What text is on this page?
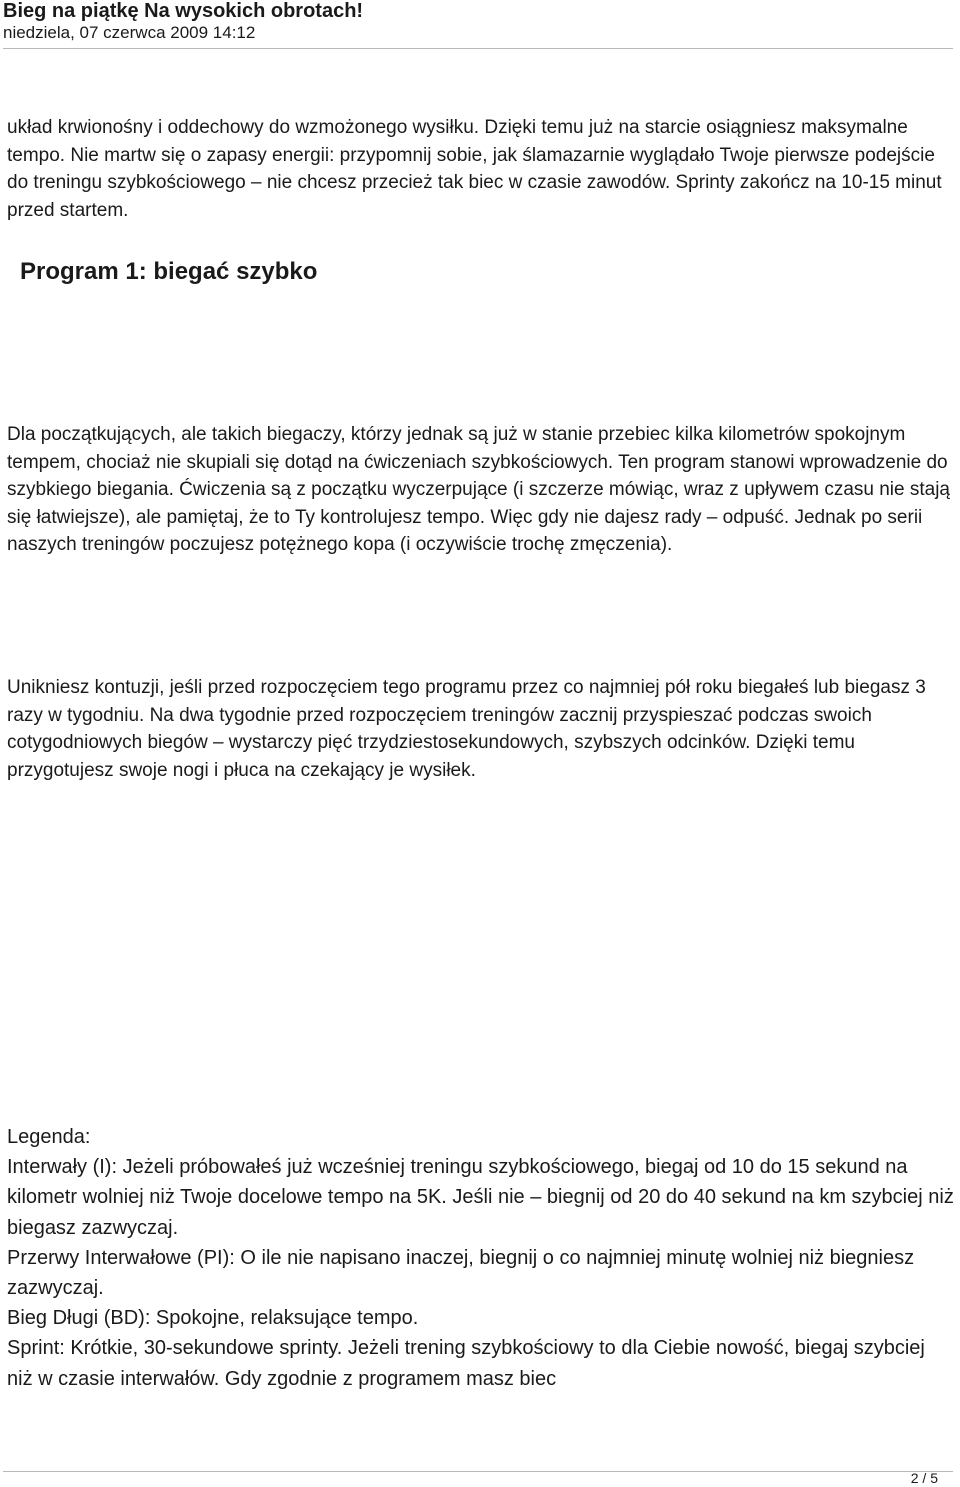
Bieg na piątkę Na wysokich obrotach!
niedziela, 07 czerwca 2009 14:12

układ krwionośny i oddechowy do wzmożonego wysiłku. Dzięki temu już na starcie osiągniesz maksymalne tempo. Nie martw się o zapasy energii: przypomnij sobie, jak ślamazarnie wyglądało Twoje pierwsze podejście do treningu szybkościowego – nie chcesz przecież tak biec w czasie zawodów. Sprinty zakończ na 10-15 minut przed startem.

Program 1: biegać szybko

Dla początkujących, ale takich biegaczy, którzy jednak są już w stanie przebiec kilka kilometrów spokojnym tempem, chociaż nie skupiali się dotąd na ćwiczeniach szybkościowych. Ten program stanowi wprowadzenie do szybkiego biegania. Ćwiczenia są z początku wyczerpujące (i szczerze mówiąc, wraz z upływem czasu nie stają się łatwiejsze), ale pamiętaj, że to Ty kontrolujesz tempo. Więc gdy nie dajesz rady – odpuść. Jednak po serii naszych treningów poczujesz potężnego kopa (i oczywiście trochę zmęczenia).

Unikniesz kontuzji, jeśli przed rozpoczęciem tego programu przez co najmniej pół roku biegałeś lub biegasz 3 razy w tygodniu. Na dwa tygodnie przed rozpoczęciem treningów zacznij przyspieszać podczas swoich cotygodniowych biegów – wystarczy pięć trzydziestosekundowych, szybszych odcinków. Dzięki temu przygotujesz swoje nogi i płuca na czekający je wysiłek.

Legenda:

Interwały (I): Jeżeli próbowałeś już wcześniej treningu szybkościowego, biegaj od 10 do 15 sekund na kilometr wolniej niż Twoje docelowe tempo na 5K. Jeśli nie – biegnij od 20 do 40 sekund na km szybciej niż biegasz zazwyczaj.

Przerwy Interwałowe (PI): O ile nie napisano inaczej, biegnij o co najmniej minutę wolniej niż biegniesz zazwyczaj.

Bieg Długi (BD): Spokojne, relaksujące tempo.

Sprint: Krótkie, 30-sekundowe sprinty. Jeżeli trening szybkościowy to dla Ciebie nowość, biegaj szybciej niż w czasie interwałów. Gdy zgodnie z programem masz biec

2 / 5
